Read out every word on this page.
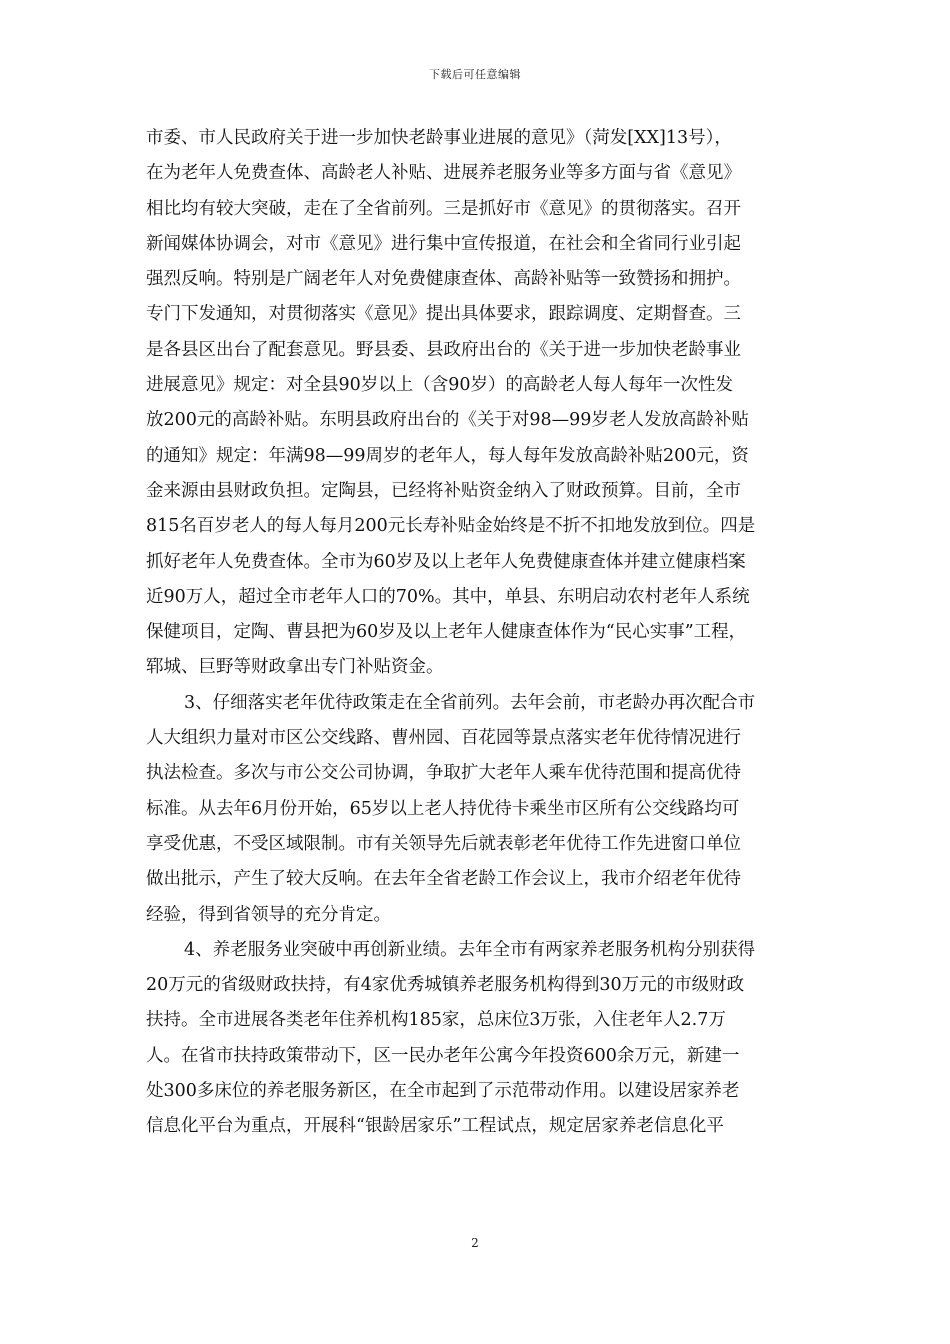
下载后可任意编辑
市委、市人民政府关于进一步加快老龄事业进展的意见》（菏发[XX]13号），
在为老年人免费查体、高龄老人补贴、进展养老服务业等多方面与省《意见》
相比均有较大突破，走在了全省前列。三是抓好市《意见》的贯彻落实。召开
新闻媒体协调会，对市《意见》进行集中宣传报道，在社会和全省同行业引起
强烈反响。特别是广阔老年人对免费健康查体、高龄补贴等一致赞扬和拥护。
专门下发通知，对贯彻落实《意见》提出具体要求，跟踪调度、定期督查。三
是各县区出台了配套意见。野县委、县政府出台的《关于进一步加快老龄事业
进展意见》规定：对全县90岁以上（含90岁）的高龄老人每人每年一次性发
放200元的高龄补贴。东明县政府出台的《关于对98—99岁老人发放高龄补贴
的通知》规定：年满98—99周岁的老年人，每人每年发放高龄补贴200元，资
金来源由县财政负担。定陶县，已经将补贴资金纳入了财政预算。目前，全市
815名百岁老人的每人每月200元长寿补贴金始终是不折不扣地发放到位。四是
抓好老年人免费查体。全市为60岁及以上老年人免费健康查体并建立健康档案
近90万人，超过全市老年人口的70%。其中，单县、东明启动农村老年人系统
保健项目，定陶、曹县把为60岁及以上老年人健康查体作为“民心实事”工程，
郓城、巨野等财政拿出专门补贴资金。
3、仔细落实老年优待政策走在全省前列。去年会前，市老龄办再次配合市
人大组织力量对市区公交线路、曹州园、百花园等景点落实老年优待情况进行
执法检查。多次与市公交公司协调，争取扩大老年人乘车优待范围和提高优待
标准。从去年6月份开始，65岁以上老人持优待卡乘坐市区所有公交线路均可
享受优惠，不受区域限制。市有关领导先后就表彰老年优待工作先进窗口单位
做出批示，产生了较大反响。在去年全省老龄工作会议上，我市介绍老年优待
经验，得到省领导的充分肯定。
4、养老服务业突破中再创新业绩。去年全市有两家养老服务机构分别获得
20万元的省级财政扶持，有4家优秀城镇养老服务机构得到30万元的市级财政
扶持。全市进展各类老年住养机构185家，总床位3万张，入住老年人2.7万
人。在省市扶持政策带动下，区一民办老年公寓今年投资600余万元，新建一
处300多床位的养老服务新区，在全市起到了示范带动作用。以建设居家养老
信息化平台为重点，开展科“银龄居家乐”工程试点，规定居家养老信息化平
2
